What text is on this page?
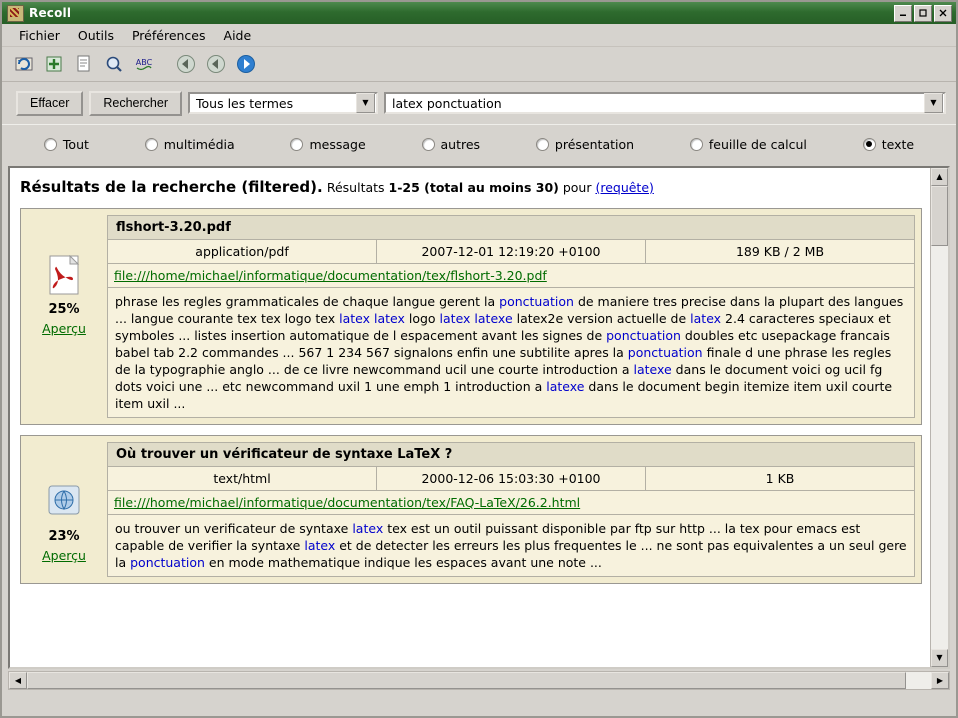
Recoll
Fichier	Outils	Préférences	Aide
ABC
Effacer	Rechercher	Tous les termes	▼	latex ponctuation	▼
Tout	multimédia	message	autres	présentation	feuille de calcul	texte
Résultats de la recherche (filtered). Résultats 1-25 (total au moins 30) pour (requête)
25%
Aperçu
flshort-3.20.pdf
application/pdf	2007-12-01 12:19:20 +0100	189 KB / 2 MB
file:///home/michael/informatique/documentation/tex/flshort-3.20.pdf
phrase les regles grammaticales de chaque langue gerent la ponctuation de maniere tres precise dans la plupart des langues ... langue courante tex tex logo tex latex latex logo latex latexe latex2e version actuelle de latex 2.4 caracteres speciaux et symboles ... listes insertion automatique de l espacement avant les signes de ponctuation doubles etc usepackage francais babel tab 2.2 commandes ... 567 1 234 567 signalons enfin une subtilite apres la ponctuation finale d une phrase les regles de la typographie anglo ... de ce livre newcommand ucil une courte introduction a latexe dans le document voici og ucil fg dots voici une ... etc newcommand uxil 1 une emph 1 introduction a latexe dans le document begin itemize item uxil courte item uxil ...
23%
Aperçu
Où trouver un vérificateur de syntaxe LaTeX ?
text/html	2000-12-06 15:03:30 +0100	1 KB
file:///home/michael/informatique/documentation/tex/FAQ-LaTeX/26.2.html
ou trouver un verificateur de syntaxe latex tex est un outil puissant disponible par ftp sur http ... la tex pour emacs est capable de verifier la syntaxe latex et de detecter les erreurs les plus frequentes le ... ne sont pas equivalentes a un seul gere la ponctuation en mode mathematique indique les espaces avant une note ...
▲
▼
◀	▶
